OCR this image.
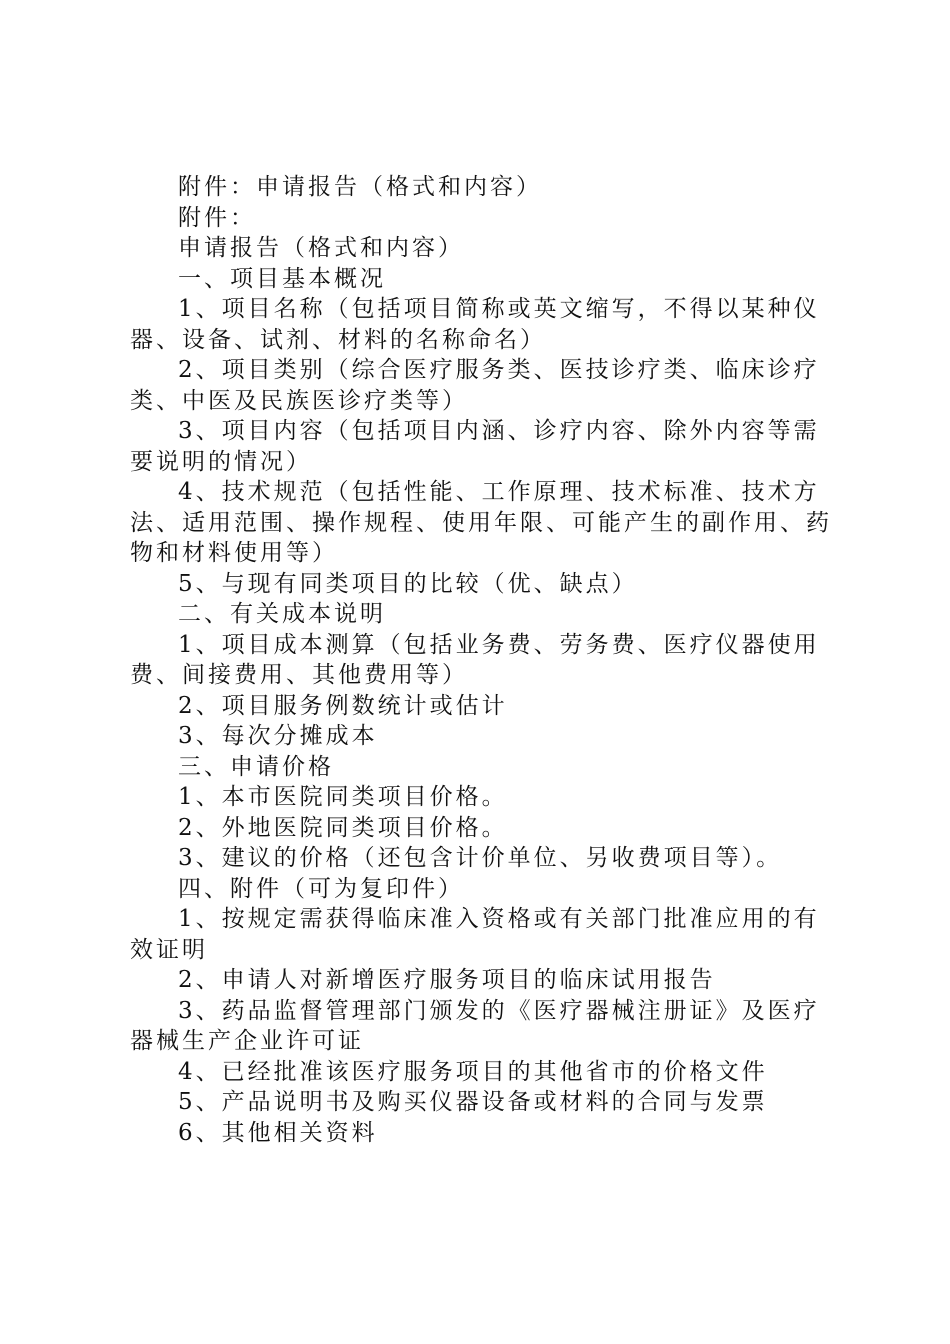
附件：申请报告（格式和内容）

附件：

申请报告（格式和内容）

一、项目基本概况

1、项目名称（包括项目简称或英文缩写，不得以某种仪器、设备、试剂、材料的名称命名）

2、项目类别（综合医疗服务类、医技诊疗类、临床诊疗类、中医及民族医诊疗类等）

3、项目内容（包括项目内涵、诊疗内容、除外内容等需要说明的情况）

4、技术规范（包括性能、工作原理、技术标准、技术方法、适用范围、操作规程、使用年限、可能产生的副作用、药物和材料使用等）

5、与现有同类项目的比较（优、缺点）

二、有关成本说明

1、项目成本测算（包括业务费、劳务费、医疗仪器使用费、间接费用、其他费用等）

2、项目服务例数统计或估计

3、每次分摊成本

三、申请价格

1、本市医院同类项目价格。

2、外地医院同类项目价格。

3、建议的价格（还包含计价单位、另收费项目等）。

四、附件（可为复印件）

1、按规定需获得临床准入资格或有关部门批准应用的有效证明

2、申请人对新增医疗服务项目的临床试用报告

3、药品监督管理部门颁发的《医疗器械注册证》及医疗器械生产企业许可证

4、已经批准该医疗服务项目的其他省市的价格文件

5、产品说明书及购买仪器设备或材料的合同与发票

6、其他相关资料
